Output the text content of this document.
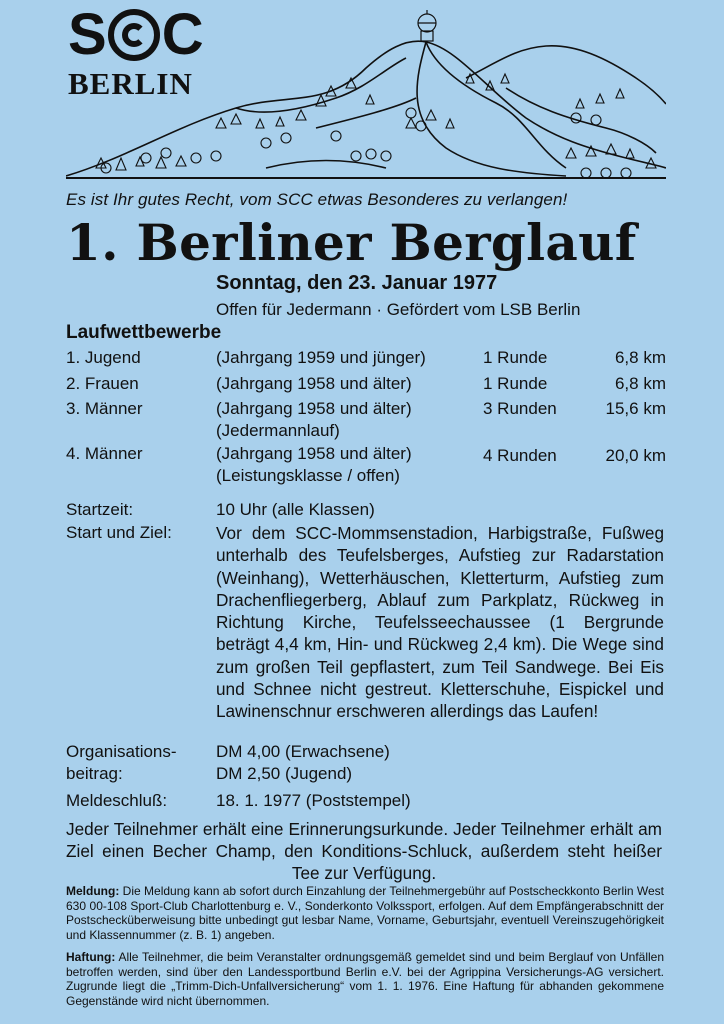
S C
BERLIN
Es ist Ihr gutes Recht, vom SCC etwas Besonderes zu verlangen!
1. Berliner Berglauf
Sonntag, den 23. Januar 1977
Offen für Jedermann · Gefördert vom LSB Berlin
Laufwettbewerbe
1. Jugend	(Jahrgang 1959 und jünger)	1 Runde	6,8 km
2. Frauen	(Jahrgang 1958 und älter)	1 Runde	6,8 km
3. Männer	(Jahrgang 1958 und älter)	3 Runden	15,6 km
(Jedermannlauf)
4. Männer	(Jahrgang 1958 und älter)	4 Runden	20,0 km
(Leistungsklasse / offen)
Startzeit:	10 Uhr (alle Klassen)
Start und Ziel:	Vor dem SCC-Mommsenstadion, Harbigstraße, Fußweg unterhalb des Teufelsberges, Aufstieg zur Radarstation (Weinhang), Wetterhäuschen, Kletterturm, Aufstieg zum Drachenfliegerberg, Ablauf zum Parkplatz, Rückweg in Richtung Kirche, Teufelsseechaussee (1 Bergrunde beträgt 4,4 km, Hin- und Rückweg 2,4 km). Die Wege sind zum großen Teil gepflastert, zum Teil Sandwege. Bei Eis und Schnee nicht gestreut. Kletterschuhe, Eispickel und Lawinenschnur erschweren allerdings das Laufen!
Organisations-
beitrag:
DM 4,00 (Erwachsene)
DM 2,50 (Jugend)
Meldeschluß:	18. 1. 1977 (Poststempel)
Jeder Teilnehmer erhält eine Erinnerungsurkunde. Jeder Teilnehmer erhält am Ziel einen Becher Champ, den Konditions-Schluck, außerdem steht heißer Tee zur Verfügung.
Meldung: Die Meldung kann ab sofort durch Einzahlung der Teilnehmergebühr auf Postscheckkonto Berlin West 630 00-108 Sport-Club Charlottenburg e. V., Sonderkonto Volkssport, erfolgen. Auf dem Empfängerabschnitt der Postschecküberweisung bitte unbedingt gut lesbar Name, Vorname, Geburtsjahr, eventuell Vereinszugehörigkeit und Klassennummer (z. B. 1) angeben.
Haftung: Alle Teilnehmer, die beim Veranstalter ordnungsgemäß gemeldet sind und beim Berglauf von Unfällen betroffen werden, sind über den Landessportbund Berlin e.V. bei der Agrippina Versicherungs-AG versichert. Zugrunde liegt die „Trimm-Dich-Unfallversicherung“ vom 1. 1. 1976. Eine Haftung für abhanden gekommene Gegenstände wird nicht übernommen.
